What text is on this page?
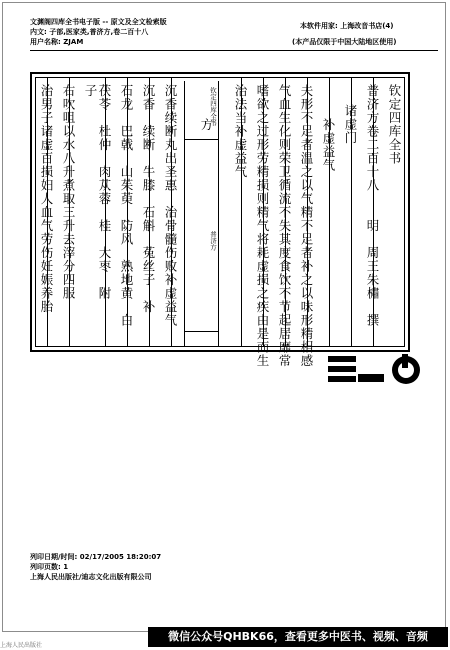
文渊阁四库全书电子版 -- 原文及全文检索版
内文: 子部,医家类,普济方,卷二百十八
用户名称: ZJAM
本软件用家: 上海改音书店(4)
(本产品仅限于中国大陆地区使用)
钦定四库全书
普济方卷二百十八　　明　周王朱橚　撰
诸虚门
补虚益气
夫形不足者温之以气精不足者补之以味形精相感
气血生化则荣卫循流不失其度食饮不节起居靡常
嗜欲之过形劳精损则精气将耗虚损之疾由是而生
治法当补虚益气
钦定四库全书
普济方
方
沉香续断丸出圣惠　治骨髓伤败补虚益气
沉香　续断　牛膝　石斛　菟丝子　补
石龙　巴戟　山茱萸　防风　熟地黄　白
茯苓　杜仲　肉苁蓉　桂　大枣　附
子
右吹咀以水八升煮取三升去滓分四服
治男子诸虚百损妇人血气劳伤妊娠养胎
列印日期/时间: 02/17/2005 18:20:07
列印页数: 1
上海人民出版社/迪志文化出版有限公司
微信公众号QHBK66，查看更多中医书、视频、音频
上海人民出版社
